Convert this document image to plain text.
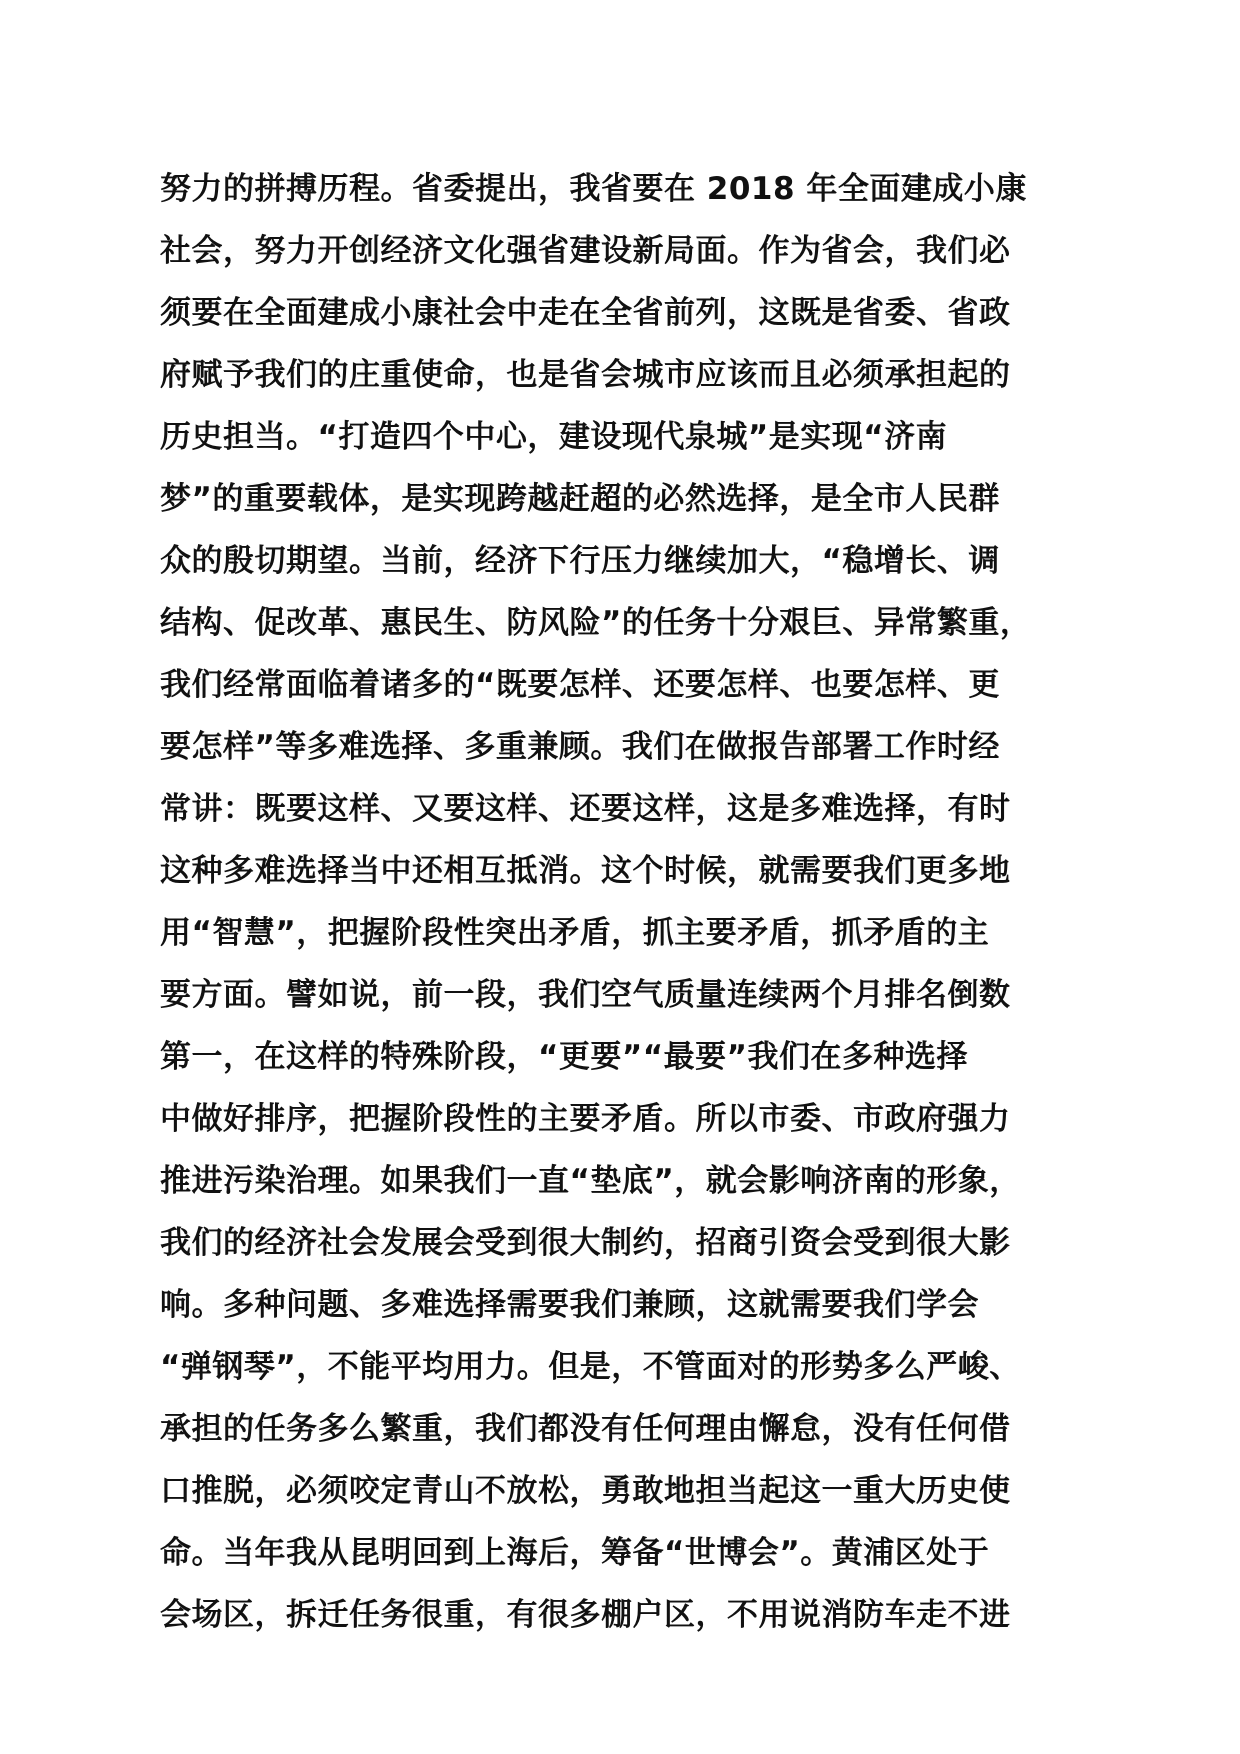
努力的拼搏历程。省委提出，我省要在 2018 年全面建成小康
社会，努力开创经济文化强省建设新局面。作为省会，我们必
须要在全面建成小康社会中走在全省前列，这既是省委、省政
府赋予我们的庄重使命，也是省会城市应该而且必须承担起的
历史担当。“打造四个中心，建设现代泉城”是实现“济南
梦”的重要载体，是实现跨越赶超的必然选择，是全市人民群
众的殷切期望。当前，经济下行压力继续加大，“稳增长、调
结构、促改革、惠民生、防风险”的任务十分艰巨、异常繁重，
我们经常面临着诸多的“既要怎样、还要怎样、也要怎样、更
要怎样”等多难选择、多重兼顾。我们在做报告部署工作时经
常讲：既要这样、又要这样、还要这样，这是多难选择，有时
这种多难选择当中还相互抵消。这个时候，就需要我们更多地
用“智慧”，把握阶段性突出矛盾，抓主要矛盾，抓矛盾的主
要方面。譬如说，前一段，我们空气质量连续两个月排名倒数
第一，在这样的特殊阶段，“更要”“最要”我们在多种选择
中做好排序，把握阶段性的主要矛盾。所以市委、市政府强力
推进污染治理。如果我们一直“垫底”，就会影响济南的形象，
我们的经济社会发展会受到很大制约，招商引资会受到很大影
响。多种问题、多难选择需要我们兼顾，这就需要我们学会
“弹钢琴”，不能平均用力。但是，不管面对的形势多么严峻、
承担的任务多么繁重，我们都没有任何理由懈怠，没有任何借
口推脱，必须咬定青山不放松，勇敢地担当起这一重大历史使
命。当年我从昆明回到上海后，筹备“世博会”。黄浦区处于
会场区，拆迁任务很重，有很多棚户区，不用说消防车走不进
